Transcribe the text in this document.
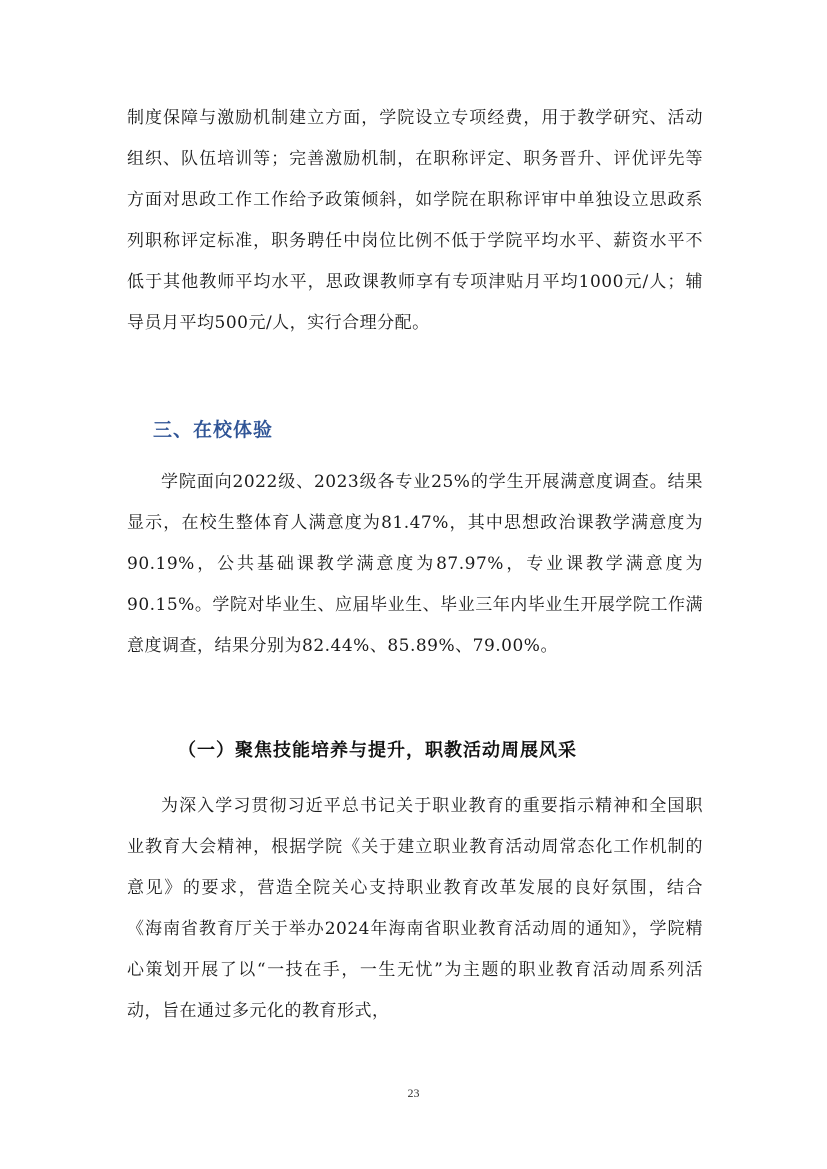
制度保障与激励机制建立方面，学院设立专项经费，用于教学研究、活动组织、队伍培训等；完善激励机制，在职称评定、职务晋升、评优评先等方面对思政工作工作给予政策倾斜，如学院在职称评审中单独设立思政系列职称评定标准，职务聘任中岗位比例不低于学院平均水平、薪资水平不低于其他教师平均水平，思政课教师享有专项津贴月平均1000元/人；辅导员月平均500元/人，实行合理分配。

三、在校体验

学院面向2022级、2023级各专业25%的学生开展满意度调查。结果显示，在校生整体育人满意度为81.47%，其中思想政治课教学满意度为90.19%，公共基础课教学满意度为87.97%，专业课教学满意度为90.15%。学院对毕业生、应届毕业生、毕业三年内毕业生开展学院工作满意度调查，结果分别为82.44%、85.89%、79.00%。

（一）聚焦技能培养与提升，职教活动周展风采

为深入学习贯彻习近平总书记关于职业教育的重要指示精神和全国职业教育大会精神，根据学院《关于建立职业教育活动周常态化工作机制的意见》的要求，营造全院关心支持职业教育改革发展的良好氛围，结合《海南省教育厅关于举办2024年海南省职业教育活动周的通知》，学院精心策划开展了以“一技在手，一生无忧”为主题的职业教育活动周系列活动，旨在通过多元化的教育形式，

23
